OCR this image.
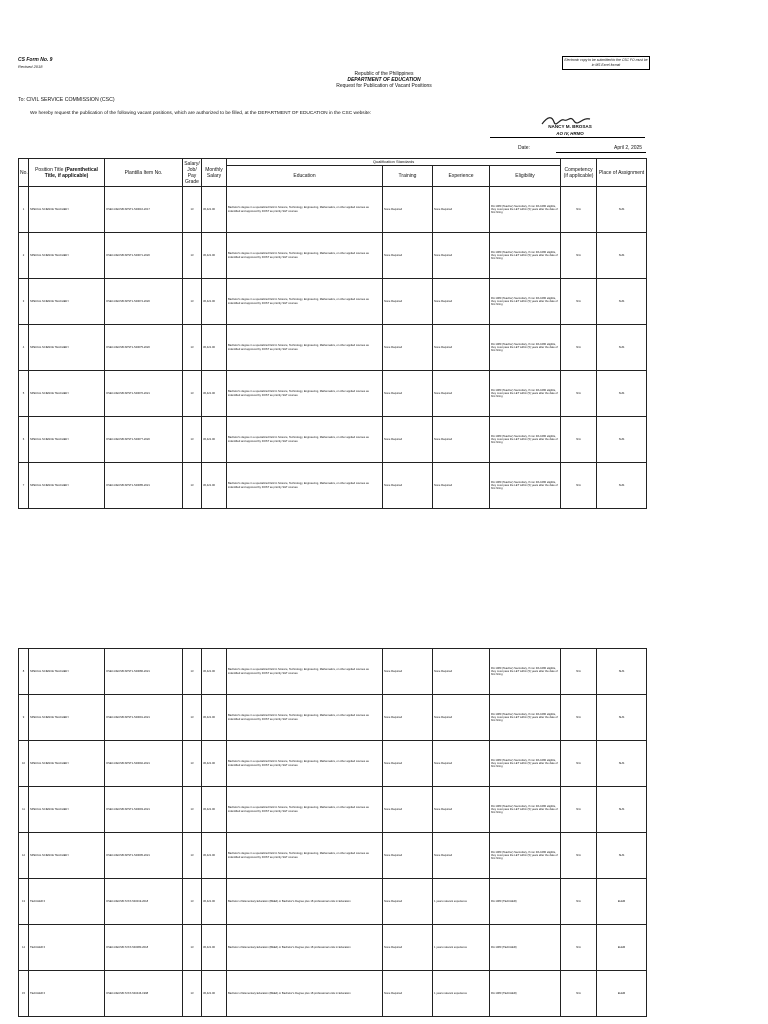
CS Form No. 9
Revised 2018
Electronic copy to be submitted to the CSC FO must be in MS Excel format
Republic of the Philippines
DEPARTMENT OF EDUCATION
Request for Publication of Vacant Positions
To: CIVIL SERVICE COMMISSION (CSC)
We hereby request the publication of the following vacant positions, which are authorized to be filled, at the DEPARTMENT OF EDUCATION in the CSC website:
NANCY M. BROSAS
AO IV, HRMO
Date:	April 2, 2025
No.	Position Title (Parenthetical Title, if applicable)	Plantilla Item No.	Salary/ Job/ Pay Grade	Monthly Salary	Qualification Standards				Competency (if applicable)	Place of Assignment
					Education	Training	Experience	Eligibility		
1	SPECIAL SCIENCE TEACHER I	OSEC-DECSB-SPST1-540016-2017	13	36,421.00	Bachelor's degree in a specialized field in Science, Technology, Engineering, Mathematics, or other applied courses as indentified and approved by DOST as priority S&T courses	None Required	None Required	RA 1080 (Teacher) Secondary, If non RA 1080 eligible, they must pass the LET within (5) years after the date of first hiring	N/A	SHS
2	SPECIAL SCIENCE TEACHER I	OSEC-DECSB-SPST1-540071-2020	13	36,421.00	Bachelor's degree in a specialized field in Science, Technology, Engineering, Mathematics, or other applied courses as indentified and approved by DOST as priority S&T courses	None Required	None Required	RA 1080 (Teacher) Secondary, If non RA 1080 eligible, they must pass the LET within (5) years after the date of first hiring	N/A	SHS
3	SPECIAL SCIENCE TEACHER I	OSEC-DECSB-SPST1-540074-2020	13	36,421.00	Bachelor's degree in a specialized field in Science, Technology, Engineering, Mathematics, or other applied courses as indentified and approved by DOST as priority S&T courses	None Required	None Required	RA 1080 (Teacher) Secondary, If non RA 1080 eligible, they must pass the LET within (5) years after the date of first hiring	N/A	SHS
4	SPECIAL SCIENCE TEACHER I	OSEC-DECSB-SPST1-540075-2020	13	36,421.00	Bachelor's degree in a specialized field in Science, Technology, Engineering, Mathematics, or other applied courses as indentified and approved by DOST as priority S&T courses	None Required	None Required	RA 1080 (Teacher) Secondary, If non RA 1080 eligible, they must pass the LET within (5) years after the date of first hiring	N/A	SHS
5	SPECIAL SCIENCE TEACHER I	OSEC-DECSB-SPST1-540076-2021	13	36,421.00	Bachelor's degree in a specialized field in Science, Technology, Engineering, Mathematics, or other applied courses as indentified and approved by DOST as priority S&T courses	None Required	None Required	RA 1080 (Teacher) Secondary, If non RA 1080 eligible, they must pass the LET within (5) years after the date of first hiring	N/A	SHS
6	SPECIAL SCIENCE TEACHER I	OSEC-DECSB-SPST1-540077-2020	13	36,421.00	Bachelor's degree in a specialized field in Science, Technology, Engineering, Mathematics, or other applied courses as indentified and approved by DOST as priority S&T courses	None Required	None Required	RA 1080 (Teacher) Secondary, If non RA 1080 eligible, they must pass the LET within (5) years after the date of first hiring	N/A	SHS
7	SPECIAL SCIENCE TEACHER I	OSEC-DECSB-SPST1-540085-2021	13	36,421.00	Bachelor's degree in a specialized field in Science, Technology, Engineering, Mathematics, or other applied courses as indentified and approved by DOST as priority S&T courses	None Required	None Required	RA 1080 (Teacher) Secondary, If non RA 1080 eligible, they must pass the LET within (5) years after the date of first hiring	N/A	SHS
8	SPECIAL SCIENCE TEACHER I	OSEC-DECSB-SPST1-540086-2021	13	36,421.00	Bachelor's degree in a specialized field in Science, Technology, Engineering, Mathematics, or other applied courses as indentified and approved by DOST as priority S&T courses	None Required	None Required	RA 1080 (Teacher) Secondary, If non RA 1080 eligible, they must pass the LET within (5) years after the date of first hiring	N/A	SHS
9	SPECIAL SCIENCE TEACHER I	OSEC-DECSB-SPST1-540091-2021	13	36,421.00	Bachelor's degree in a specialized field in Science, Technology, Engineering, Mathematics, or other applied courses as indentified and approved by DOST as priority S&T courses	None Required	None Required	RA 1080 (Teacher) Secondary, If non RA 1080 eligible, they must pass the LET within (5) years after the date of first hiring	N/A	SHS
10	SPECIAL SCIENCE TEACHER I	OSEC-DECSB-SPST1-540092-2021	13	36,421.00	Bachelor's degree in a specialized field in Science, Technology, Engineering, Mathematics, or other applied courses as indentified and approved by DOST as priority S&T courses	None Required	None Required	RA 1080 (Teacher) Secondary, If non RA 1080 eligible, they must pass the LET within (5) years after the date of first hiring	N/A	SHS
11	SPECIAL SCIENCE TEACHER I	OSEC-DECSB-SPST1-540093-2021	13	36,421.00	Bachelor's degree in a specialized field in Science, Technology, Engineering, Mathematics, or other applied courses as indentified and approved by DOST as priority S&T courses	None Required	None Required	RA 1080 (Teacher) Secondary, If non RA 1080 eligible, they must pass the LET within (5) years after the date of first hiring	N/A	SHS
12	SPECIAL SCIENCE TEACHER I	OSEC-DECSB-SPST1-540095-2021	13	36,421.00	Bachelor's degree in a specialized field in Science, Technology, Engineering, Mathematics, or other applied courses as indentified and approved by DOST as priority S&T courses	None Required	None Required	RA 1080 (Teacher) Secondary, If non RA 1080 eligible, they must pass the LET within (5) years after the date of first hiring	N/A	SHS
13	TEACHER II	OSEC-DECSB-T2XX-540019-2018	13	36,421.00	Bachelor of Elementary Education (BEEd) or Bachelor's Degree plus 18 professional units in Education	None Required	1 years relevant experience	RA 1080 (TEACHER)	N/A	ELEM
14	TEACHER II	OSEC-DECSB-T2XX-540080-2018	13	36,421.00	Bachelor of Elementary Education (BEEd) or Bachelor's Degree plus 18 professional units in Education	None Required	1 years relevant experience	RA 1080 (TEACHER)	N/A	ELEM
15	TEACHER II	OSEC-DECSB-T2XX-540446-1998	13	36,421.00	Bachelor of Elementary Education (BEEd) or Bachelor's Degree plus 18 professional units in Education	None Required	1 years relevant experience	RA 1080 (TEACHER)	N/A	ELEM
